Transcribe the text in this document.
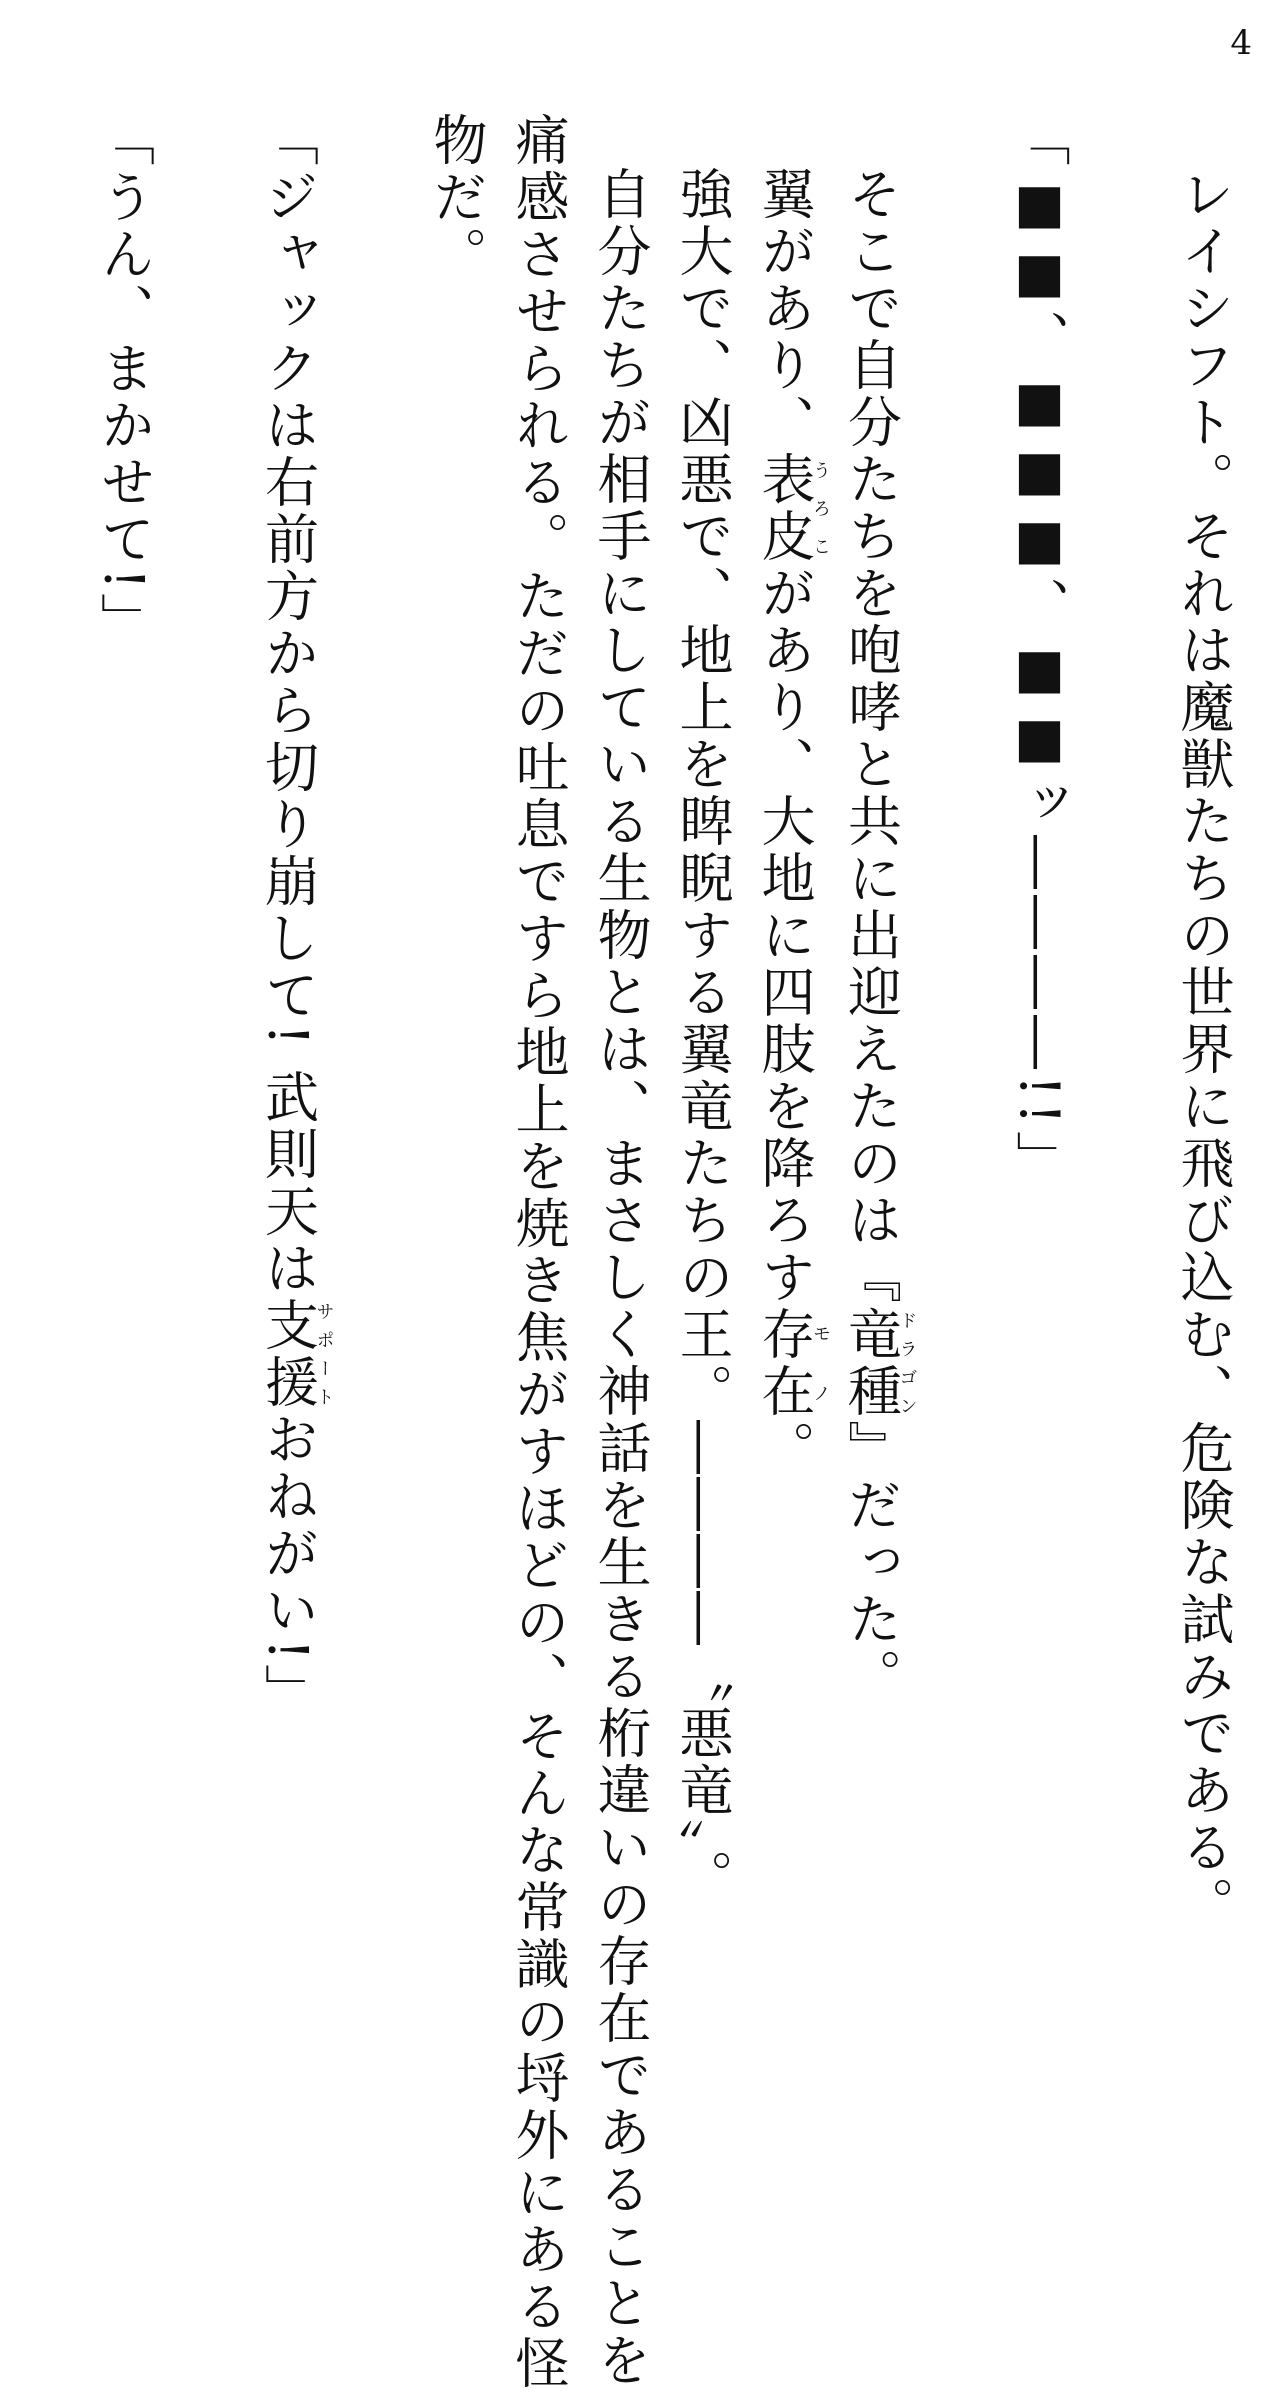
4
レイシフト。それは魔獣たちの世界に飛び込む、危険な試みである。
「■■、■■■、■■ッ――――!!」
そこで自分たちを咆哮と共に出迎えたのは『竜種ドラゴン』だった。
翼があり、表皮うろこがあり、大地に四肢を降ろす存在モノ。
強大で、凶悪で、地上を睥睨する翼竜たちの王。――――〝悪竜〟。
自分たちが相手にしている生物とは、まさしく神話を生きる桁違いの存在であることを
痛感させられる。ただの吐息ですら地上を焼き焦がすほどの、そんな常識の埒外にある怪
物だ。
「ジャックは右前方から切り崩して! 武則天は支援サポートおねがい!」
「うん、まかせて!」
